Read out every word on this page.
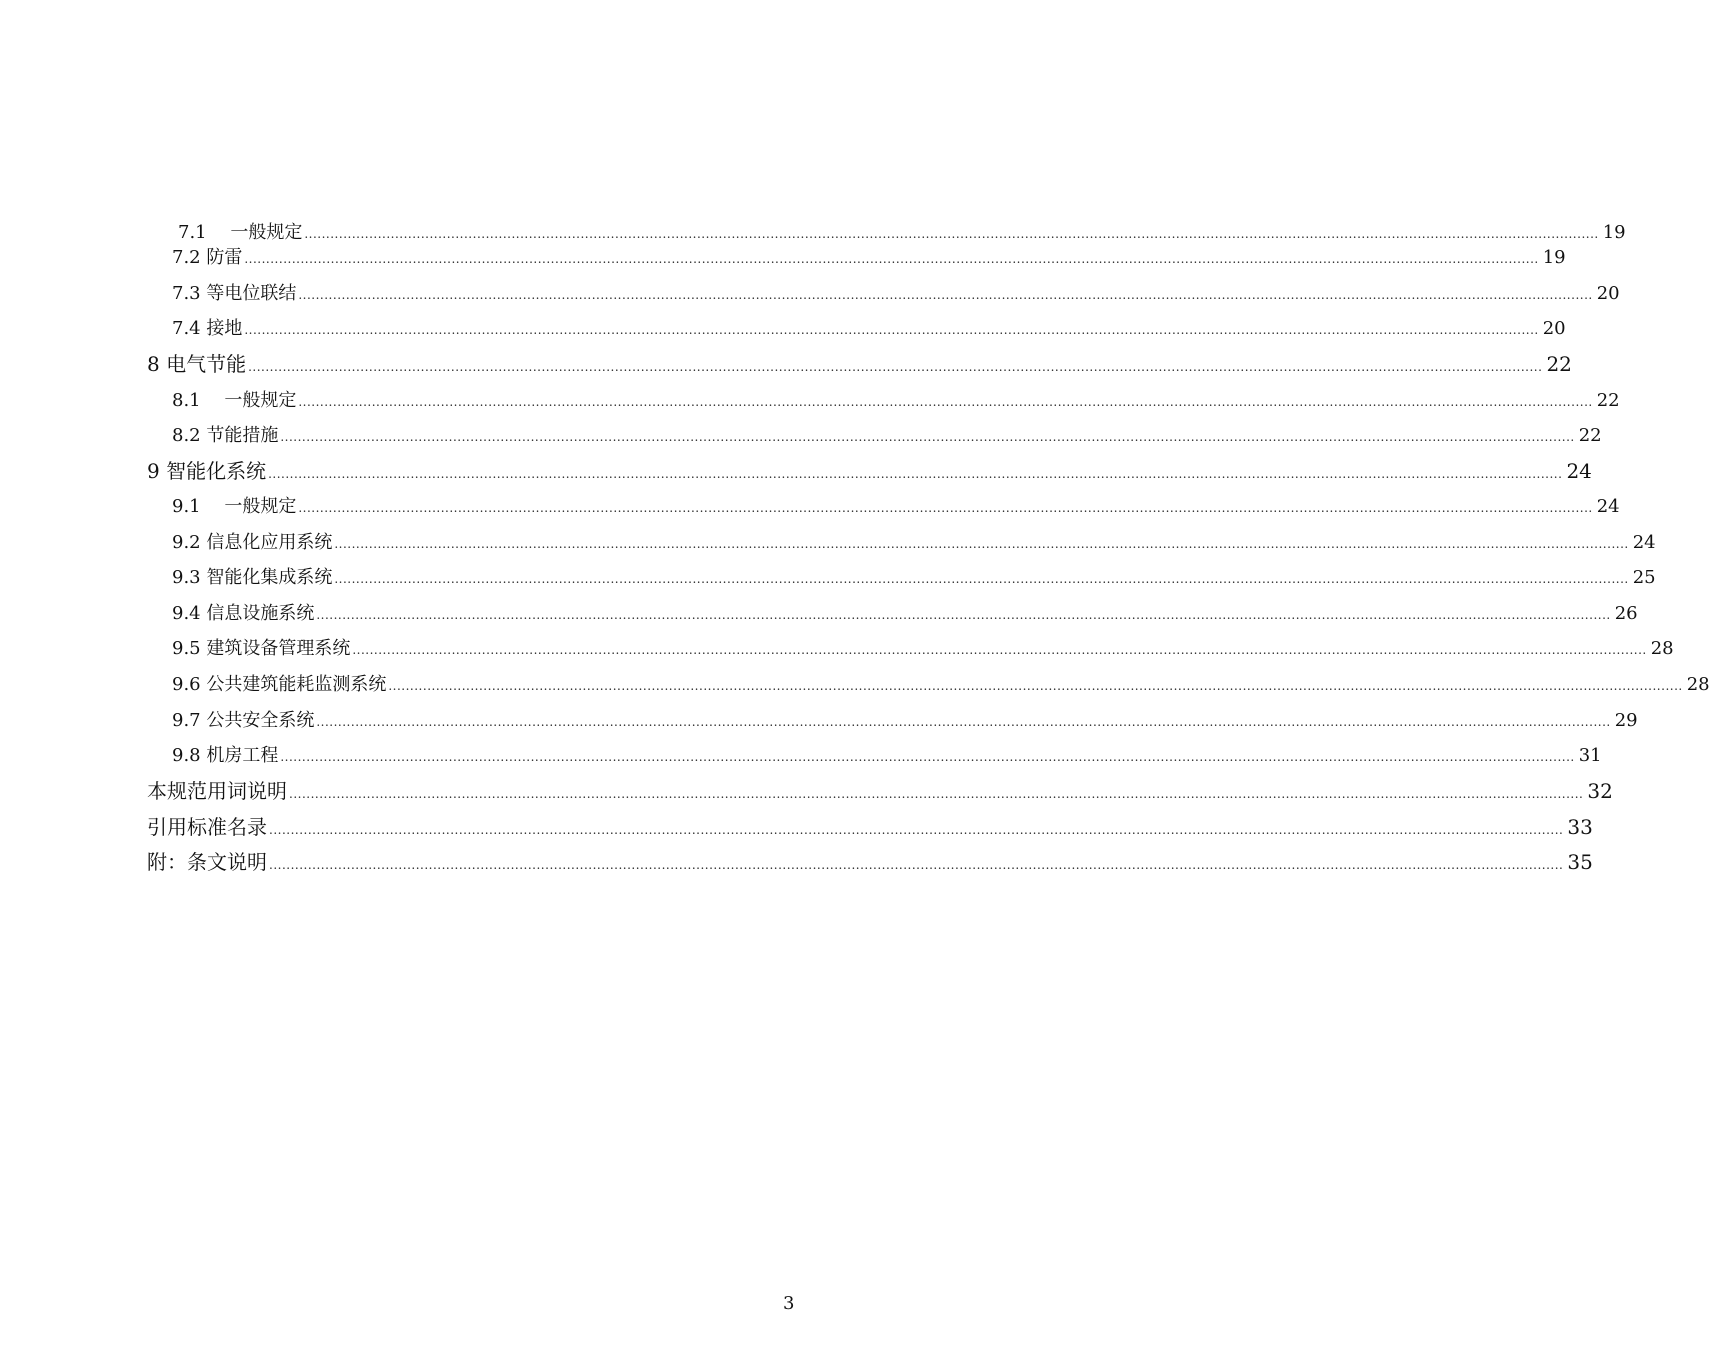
7.1　 一般规定 ............................................................................................................................................................................................................................................................................................................ 19
7.2 防雷 ............................................................................................................................................................................................................................................................................................................ 19
7.3 等电位联结 ............................................................................................................................................................................................................................................................................................................ 20
7.4 接地 ............................................................................................................................................................................................................................................................................................................ 20
8 电气节能 ............................................................................................................................................................................................................................................................................................................ 22
8.1　 一般规定 ............................................................................................................................................................................................................................................................................................................ 22
8.2 节能措施 ............................................................................................................................................................................................................................................................................................................ 22
9 智能化系统 ............................................................................................................................................................................................................................................................................................................ 24
9.1　 一般规定 ............................................................................................................................................................................................................................................................................................................ 24
9.2 信息化应用系统 ............................................................................................................................................................................................................................................................................................................ 24
9.3 智能化集成系统 ............................................................................................................................................................................................................................................................................................................ 25
9.4 信息设施系统 ............................................................................................................................................................................................................................................................................................................ 26
9.5 建筑设备管理系统 ............................................................................................................................................................................................................................................................................................................ 28
9.6 公共建筑能耗监测系统 ............................................................................................................................................................................................................................................................................................................ 28
9.7 公共安全系统 ............................................................................................................................................................................................................................................................................................................ 29
9.8 机房工程 ............................................................................................................................................................................................................................................................................................................ 31
本规范用词说明 ............................................................................................................................................................................................................................................................................................................ 32
引用标准名录 ............................................................................................................................................................................................................................................................................................................ 33
附：条文说明 ............................................................................................................................................................................................................................................................................................................ 35
3
